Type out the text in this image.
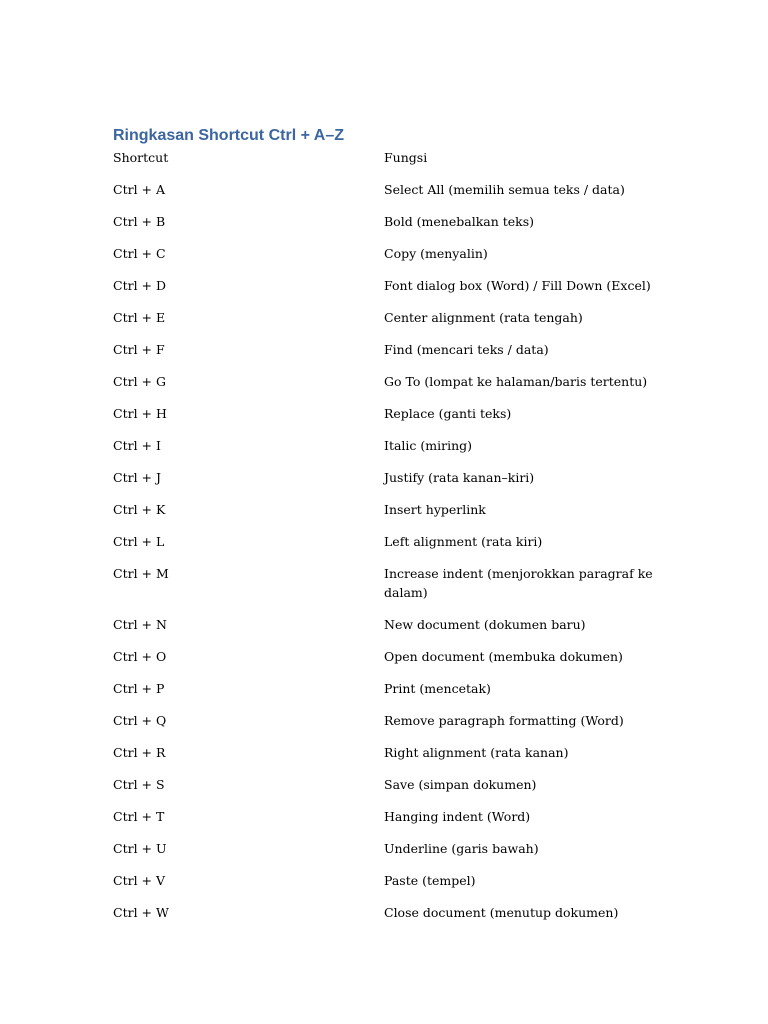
Ringkasan Shortcut Ctrl + A–Z
Shortcut	Fungsi
Ctrl + A	Select All (memilih semua teks / data)
Ctrl + B	Bold (menebalkan teks)
Ctrl + C	Copy (menyalin)
Ctrl + D	Font dialog box (Word) / Fill Down (Excel)
Ctrl + E	Center alignment (rata tengah)
Ctrl + F	Find (mencari teks / data)
Ctrl + G	Go To (lompat ke halaman/baris tertentu)
Ctrl + H	Replace (ganti teks)
Ctrl + I	Italic (miring)
Ctrl + J	Justify (rata kanan–kiri)
Ctrl + K	Insert hyperlink
Ctrl + L	Left alignment (rata kiri)
Ctrl + M	Increase indent (menjorokkan paragraf ke dalam)
Ctrl + N	New document (dokumen baru)
Ctrl + O	Open document (membuka dokumen)
Ctrl + P	Print (mencetak)
Ctrl + Q	Remove paragraph formatting (Word)
Ctrl + R	Right alignment (rata kanan)
Ctrl + S	Save (simpan dokumen)
Ctrl + T	Hanging indent (Word)
Ctrl + U	Underline (garis bawah)
Ctrl + V	Paste (tempel)
Ctrl + W	Close document (menutup dokumen)
